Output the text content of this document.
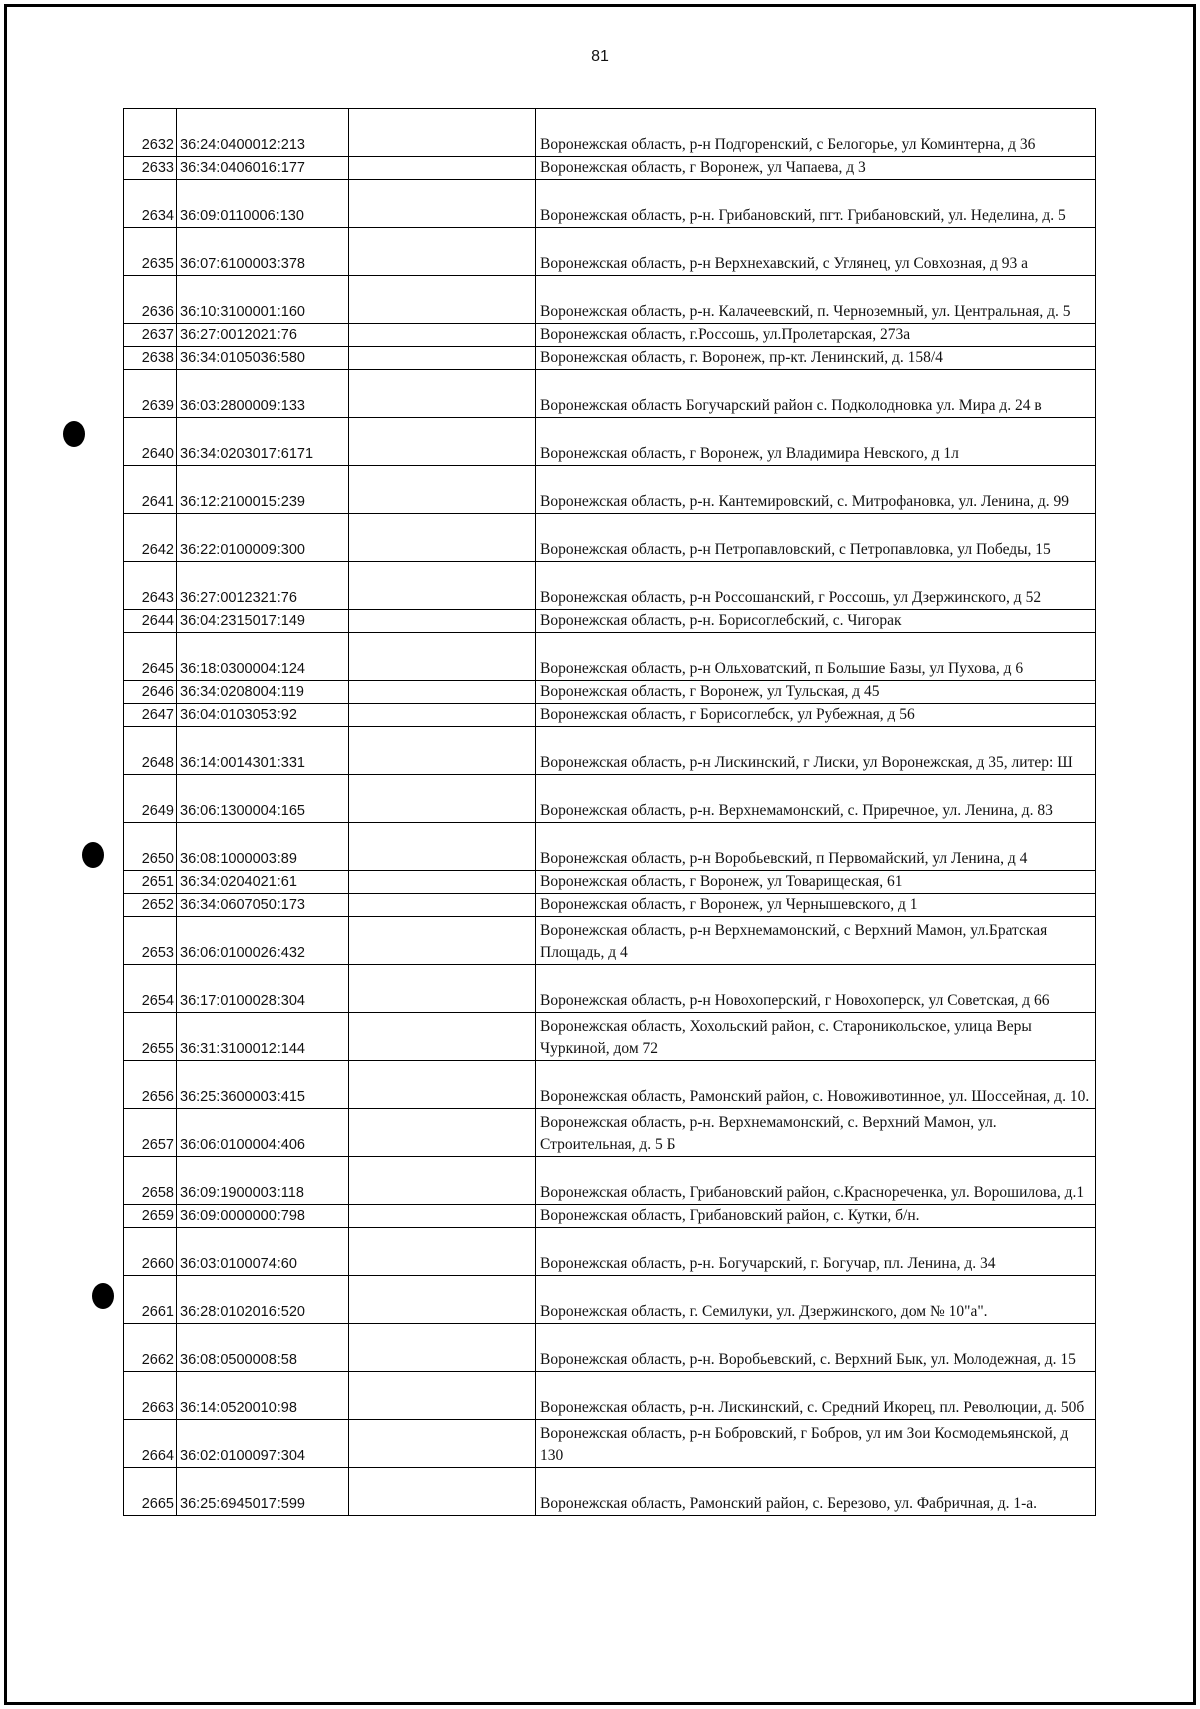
81
2632	36:24:0400012:213		Воронежская область, р-н Подгоренский, с Белогорье, ул Коминтерна, д 36
2633	36:34:0406016:177		Воронежская область, г Воронеж, ул Чапаева, д 3
2634	36:09:0110006:130		Воронежская область, р-н. Грибановский, пгт. Грибановский, ул. Неделина, д. 5
2635	36:07:6100003:378		Воронежская область, р-н Верхнехавский, с Углянец, ул Совхозная, д 93 а
2636	36:10:3100001:160		Воронежская область, р-н. Калачеевский, п. Черноземный, ул. Центральная, д. 5
2637	36:27:0012021:76		Воронежская область, г.Россошь, ул.Пролетарская, 273а
2638	36:34:0105036:580		Воронежская область, г. Воронеж, пр-кт. Ленинский, д. 158/4
2639	36:03:2800009:133		Воронежская область Богучарский район с. Подколодновка ул. Мира д. 24 в
2640	36:34:0203017:6171		Воронежская область, г Воронеж, ул Владимира Невского, д 1л
2641	36:12:2100015:239		Воронежская область, р-н. Кантемировский, с. Митрофановка, ул. Ленина, д. 99
2642	36:22:0100009:300		Воронежская область, р-н Петропавловский, с Петропавловка, ул Победы, 15
2643	36:27:0012321:76		Воронежская область, р-н Россошанский, г Россошь, ул Дзержинского, д 52
2644	36:04:2315017:149		Воронежская область, р-н. Борисоглебский, с. Чигорак
2645	36:18:0300004:124		Воронежская область, р-н Ольховатский, п Большие Базы, ул Пухова, д 6
2646	36:34:0208004:119		Воронежская область, г Воронеж, ул Тульская, д 45
2647	36:04:0103053:92		Воронежская область, г Борисоглебск, ул Рубежная, д 56
2648	36:14:0014301:331		Воронежская область, р-н Лискинский, г Лиски, ул Воронежская, д 35, литер: Ш
2649	36:06:1300004:165		Воронежская область, р-н. Верхнемамонский, с. Приречное, ул. Ленина, д. 83
2650	36:08:1000003:89		Воронежская область, р-н Воробьевский, п Первомайский, ул Ленина, д 4
2651	36:34:0204021:61		Воронежская область, г Воронеж, ул Товарищеская, 61
2652	36:34:0607050:173		Воронежская область, г Воронеж, ул Чернышевского, д 1
2653	36:06:0100026:432		Воронежская область, р-н Верхнемамонский, с Верхний Мамон, ул.Братская Площадь, д 4
2654	36:17:0100028:304		Воронежская область, р-н Новохоперский, г Новохоперск, ул Советская, д 66
2655	36:31:3100012:144		Воронежская область, Хохольский район, с. Староникольское, улица Веры Чуркиной, дом 72
2656	36:25:3600003:415		Воронежская область, Рамонский район, с. Новоживотинное, ул. Шоссейная, д. 10.
2657	36:06:0100004:406		Воронежская область, р-н. Верхнемамонский, с. Верхний Мамон, ул. Строительная, д. 5 Б
2658	36:09:1900003:118		Воронежская область, Грибановский район, с.Краснореченка, ул. Ворошилова, д.1
2659	36:09:0000000:798		Воронежская область, Грибановский район, с. Кутки, б/н.
2660	36:03:0100074:60		Воронежская область, р-н. Богучарский, г. Богучар, пл. Ленина, д. 34
2661	36:28:0102016:520		Воронежская область, г. Семилуки, ул. Дзержинского, дом № 10"а".
2662	36:08:0500008:58		Воронежская область, р-н. Воробьевский, с. Верхний Бык, ул. Молодежная, д. 15
2663	36:14:0520010:98		Воронежская область, р-н. Лискинский, с. Средний Икорец, пл. Революции, д. 50б
2664	36:02:0100097:304		Воронежская область, р-н Бобровский, г Бобров, ул им Зои Космодемьянской, д 130
2665	36:25:6945017:599		Воронежская область, Рамонский район, с. Березово, ул. Фабричная, д. 1-а.
